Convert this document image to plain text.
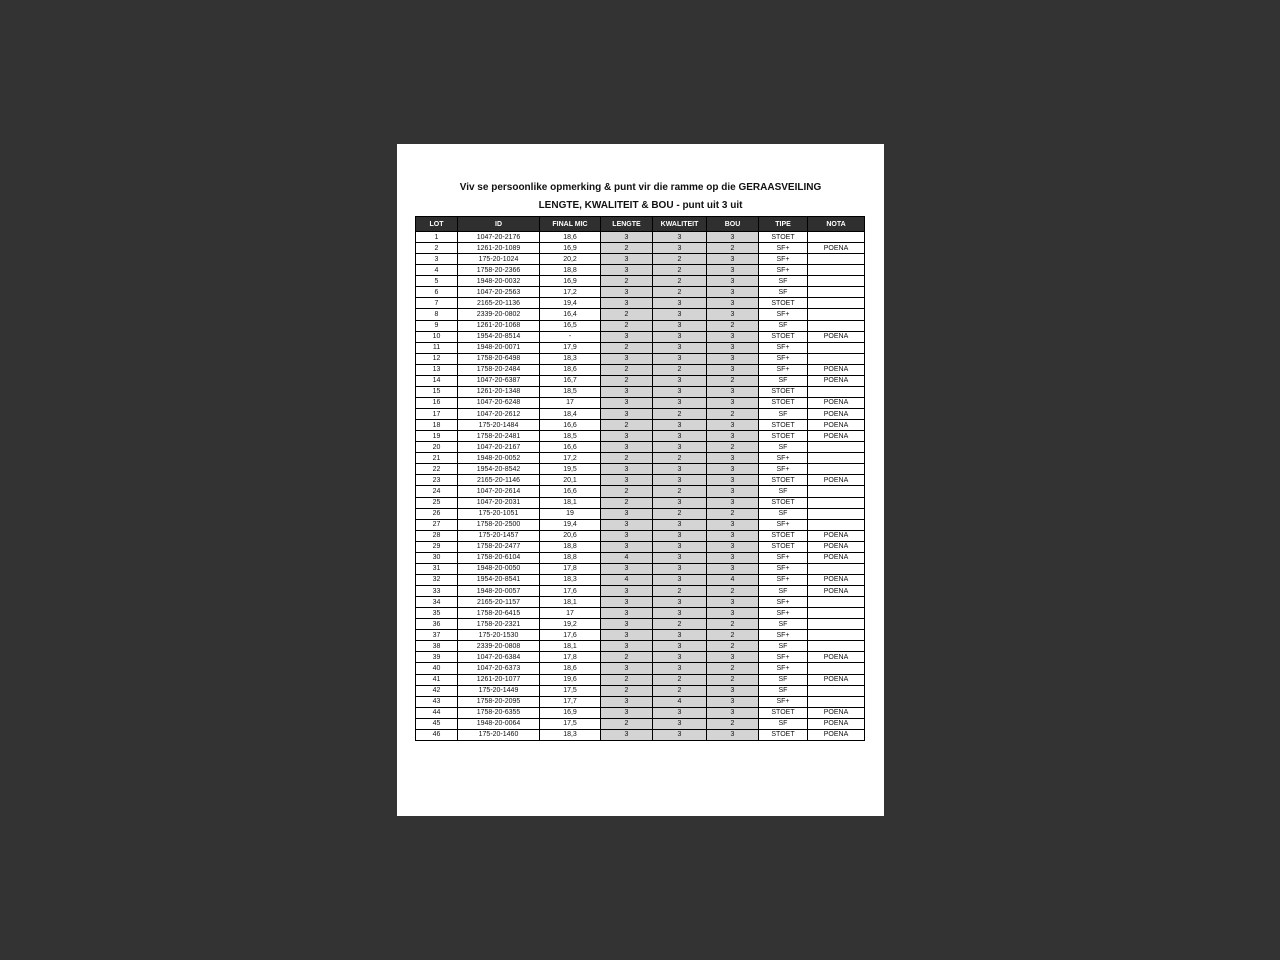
Viv se persoonlike opmerking & punt vir die ramme op die GERAASVEILING
LENGTE, KWALITEIT & BOU - punt uit 3 uit
LOT	ID	FINAL MIC	LENGTE	KWALITEIT	BOU	TIPE	NOTA
1	1047-20-2176	18,6	3	3	3	STOET	
2	1261-20-1089	16,9	2	3	2	SF+	POENA
3	175-20-1024	20,2	3	2	3	SF+	
4	1758-20-2366	18,8	3	2	3	SF+	
5	1948-20-0032	16,9	2	2	3	SF	
6	1047-20-2563	17,2	3	2	3	SF	
7	2165-20-1136	19,4	3	3	3	STOET	
8	2339-20-0802	16,4	2	3	3	SF+	
9	1261-20-1068	16,5	2	3	2	SF	
10	1954-20-8514	-	3	3	3	STOET	POENA
11	1948-20-0071	17,9	2	3	3	SF+	
12	1758-20-6498	18,3	3	3	3	SF+	
13	1758-20-2484	18,6	2	2	3	SF+	POENA
14	1047-20-6387	16,7	2	3	2	SF	POENA
15	1261-20-1348	18,5	3	3	3	STOET	
16	1047-20-6248	17	3	3	3	STOET	POENA
17	1047-20-2612	18,4	3	2	2	SF	POENA
18	175-20-1484	16,6	2	3	3	STOET	POENA
19	1758-20-2481	18,5	3	3	3	STOET	POENA
20	1047-20-2167	16,6	3	3	2	SF	
21	1948-20-0052	17,2	2	2	3	SF+	
22	1954-20-8542	19,5	3	3	3	SF+	
23	2165-20-1146	20,1	3	3	3	STOET	POENA
24	1047-20-2614	16,6	2	2	3	SF	
25	1047-20-2031	18,1	2	3	3	STOET	
26	175-20-1051	19	3	2	2	SF	
27	1758-20-2500	19,4	3	3	3	SF+	
28	175-20-1457	20,6	3	3	3	STOET	POENA
29	1758-20-2477	18,8	3	3	3	STOET	POENA
30	1758-20-6104	18,8	4	3	3	SF+	POENA
31	1948-20-0050	17,8	3	3	3	SF+	
32	1954-20-8541	18,3	4	3	4	SF+	POENA
33	1948-20-0057	17,6	3	2	2	SF	POENA
34	2165-20-1157	18,1	3	3	3	SF+	
35	1758-20-6415	17	3	3	3	SF+	
36	1758-20-2321	19,2	3	2	2	SF	
37	175-20-1530	17,6	3	3	2	SF+	
38	2339-20-0808	18,1	3	3	2	SF	
39	1047-20-6384	17,8	2	3	3	SF+	POENA
40	1047-20-6373	18,6	3	3	2	SF+	
41	1261-20-1077	19,6	2	2	2	SF	POENA
42	175-20-1449	17,5	2	2	3	SF	
43	1758-20-2095	17,7	3	4	3	SF+	
44	1758-20-6355	16,9	3	3	3	STOET	POENA
45	1948-20-0064	17,5	2	3	2	SF	POENA
46	175-20-1460	18,3	3	3	3	STOET	POENA
